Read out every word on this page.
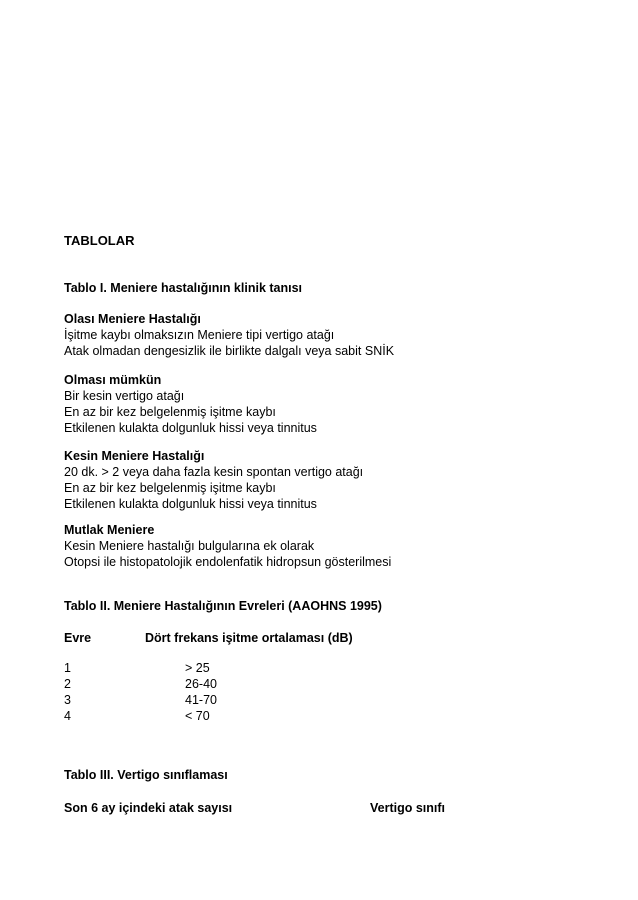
TABLOLAR
Tablo I. Meniere hastalığının klinik tanısı
Olası Meniere Hastalığı
İşitme kaybı olmaksızın Meniere tipi vertigo atağı
Atak olmadan dengesizlik ile birlikte dalgalı veya sabit SNİK
Olması mümkün
Bir kesin vertigo atağı
En az bir kez belgelenmiş işitme kaybı
Etkilenen kulakta dolgunluk hissi veya tinnitus
Kesin Meniere Hastalığı
20 dk. > 2 veya daha fazla kesin spontan vertigo atağı
En az bir kez belgelenmiş işitme kaybı
Etkilenen kulakta dolgunluk hissi veya tinnitus
Mutlak Meniere
Kesin Meniere hastalığı bulgularına ek olarak
Otopsi ile histopatolojik endolenfatik hidropsun gösterilmesi
Tablo II. Meniere Hastalığının Evreleri (AAOHNS 1995)
Evre	Dört frekans işitme ortalaması (dB)
1
2
3
4
> 25
26-40
41-70
< 70
Tablo III. Vertigo sınıflaması
Son 6 ay içindeki atak sayısı	Vertigo sınıfı
